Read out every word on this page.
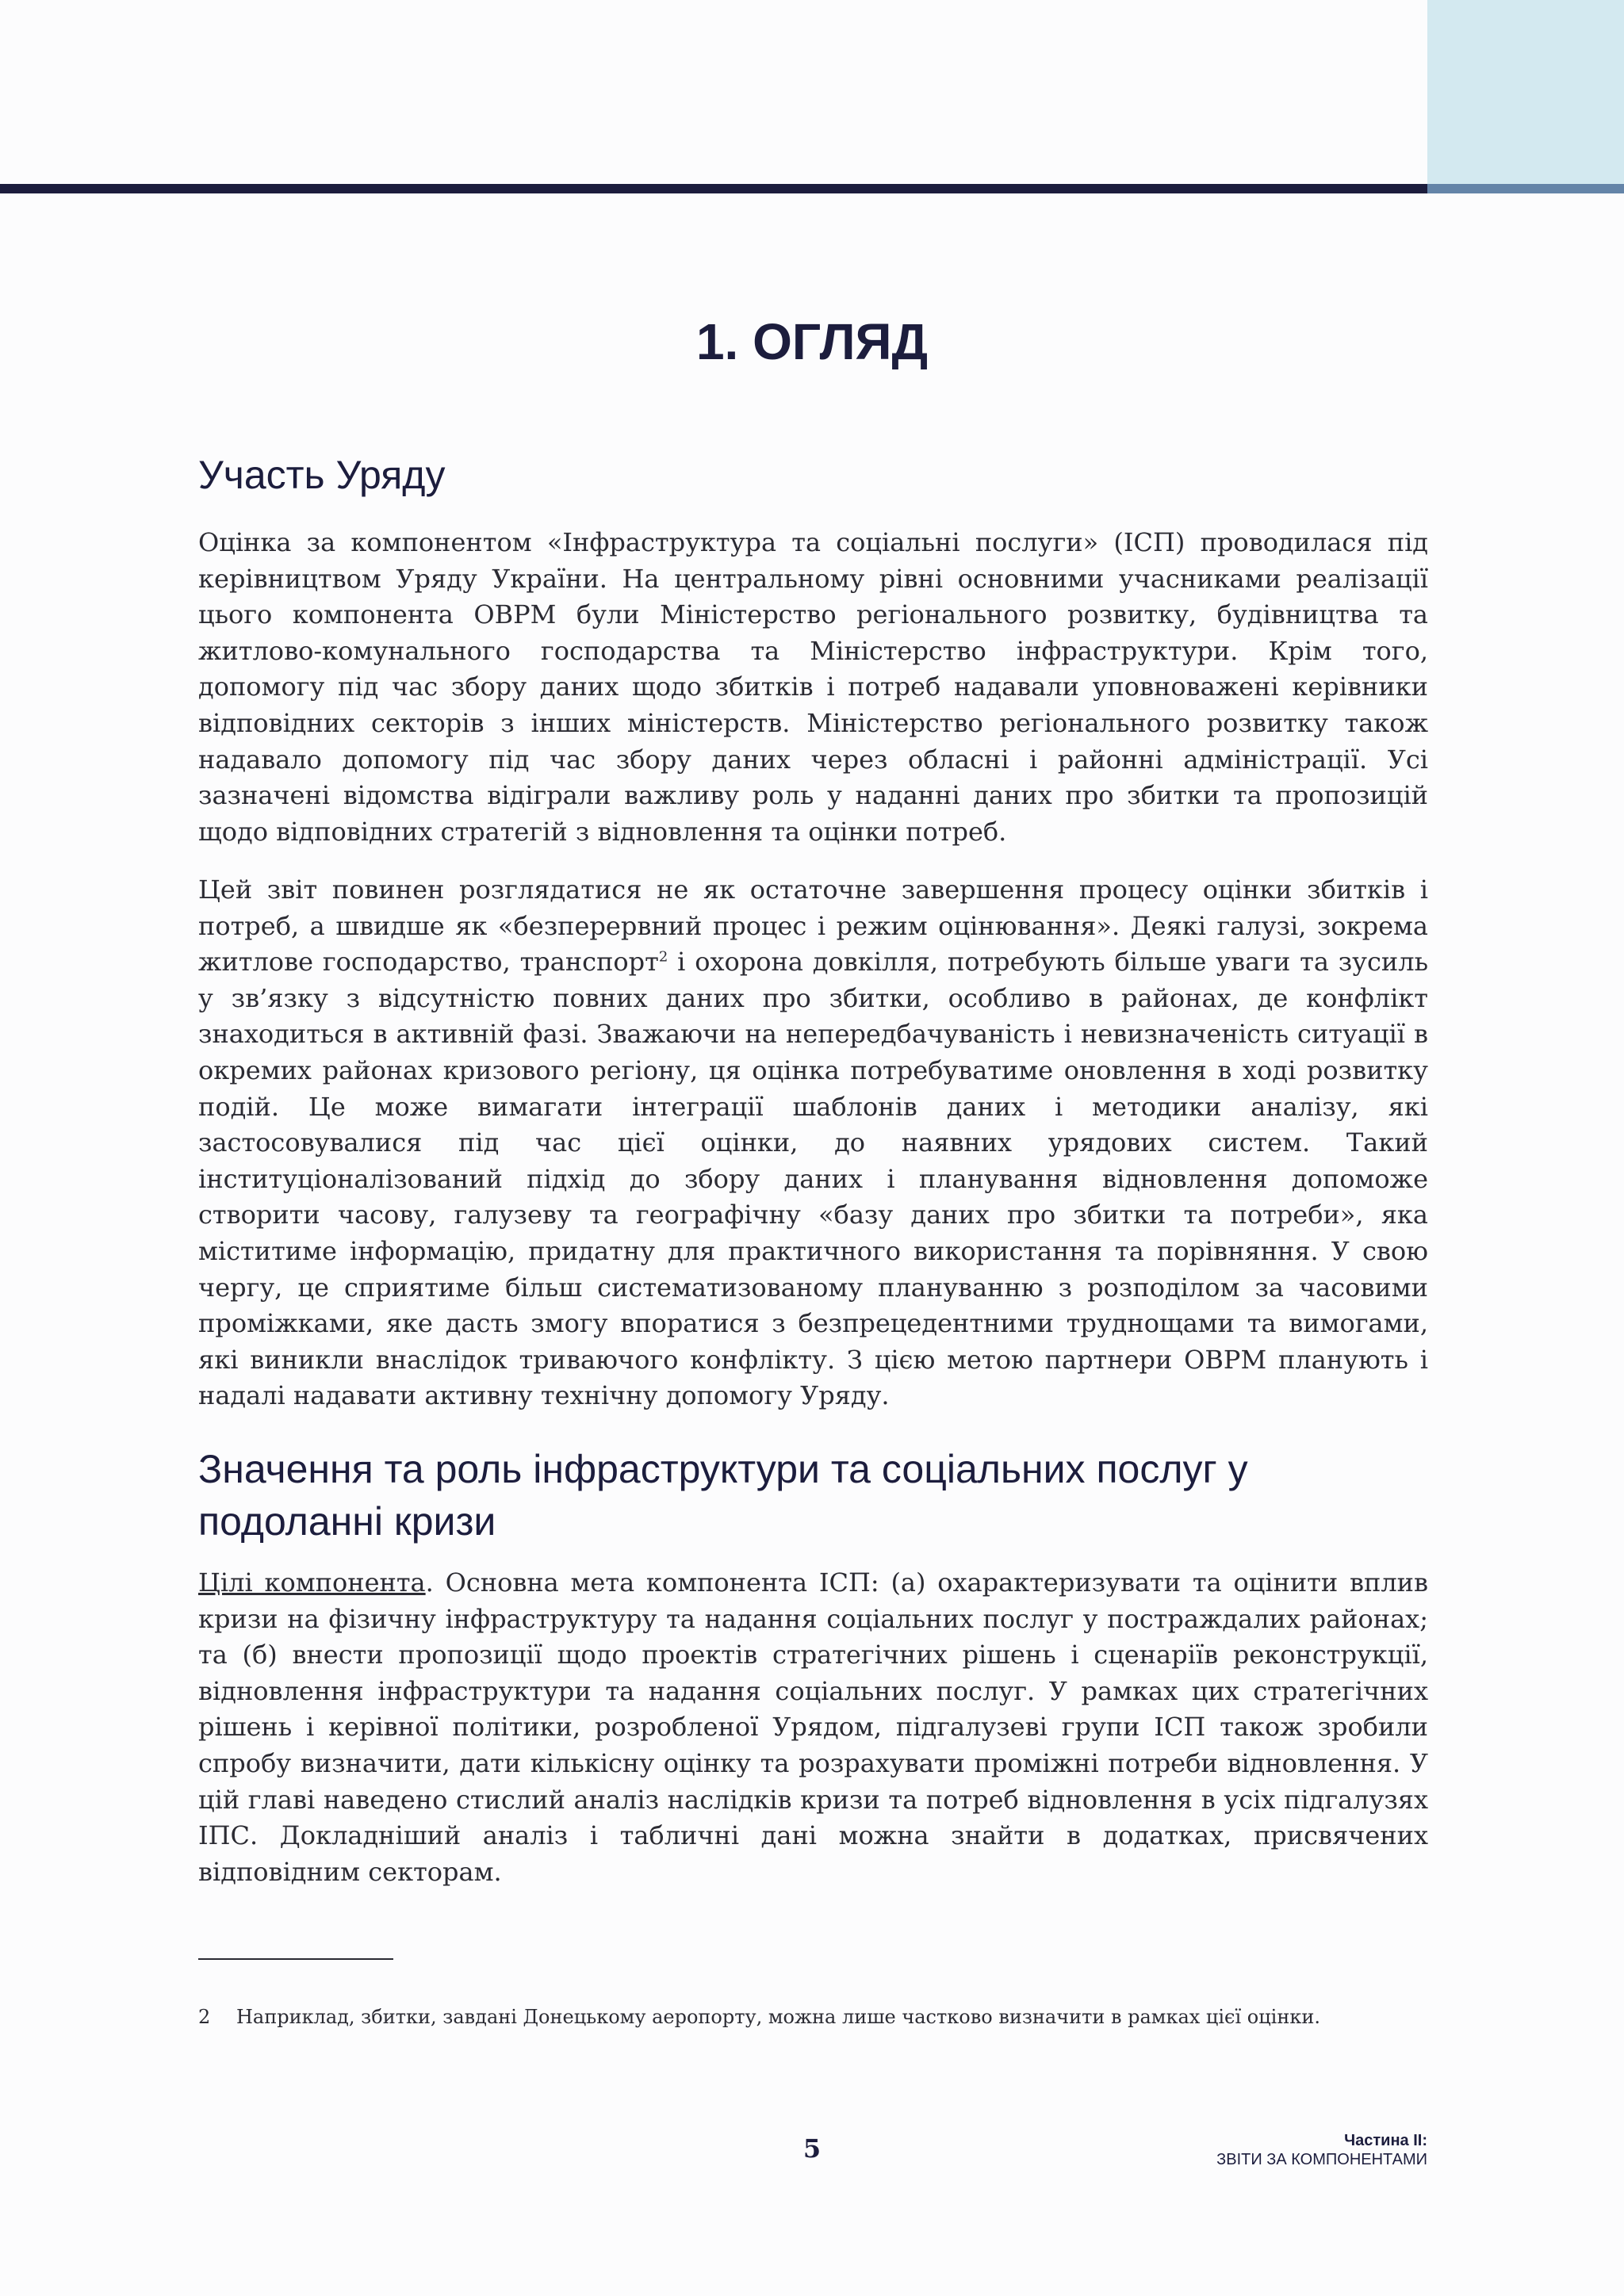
1. ОГЛЯД
Участь Уряду

Оцінка за компонентом «Інфраструктура та соціальні послуги» (ІСП) проводилася під керівництвом Уряду України. На центральному рівні основними учасниками реалізації цього компонента ОВРМ були Міністерство регіонального розвитку, будівництва та житлово-комунального господарства та Міністерство інфраструктури. Крім того, допомогу під час збору даних щодо збитків і потреб надавали уповноважені керівники відповідних секторів з інших міністерств. Міністерство регіонального розвитку також надавало допомогу під час збору даних через обласні і районні адміністрації. Усі зазначені відомства відіграли важливу роль у наданні даних про збитки та пропозицій щодо відповідних стратегій з відновлення та оцінки потреб.

Цей звіт повинен розглядатися не як остаточне завершення процесу оцінки збитків і потреб, а швидше як «безперервний процес і режим оцінювання». Деякі галузі, зокрема житлове господарство, транспорт$^2$ і охорона довкілля, потребують більше уваги та зусиль у зв’язку з відсутністю повних даних про збитки, особливо в районах, де конфлікт знаходиться в активній фазі. Зважаючи на непередбачуваність і невизначеність ситуації в окремих районах кризового регіону, ця оцінка потребуватиме оновлення в ході розвитку подій. Це може вимагати інтеграції шаблонів даних і методики аналізу, які застосовувалися під час цієї оцінки, до наявних урядових систем. Такий інституціоналізований підхід до збору даних і планування відновлення допоможе створити часову, галузеву та географічну «базу даних про збитки та потреби», яка міститиме інформацію, придатну для практичного використання та порівняння. У свою чергу, це сприятиме більш систематизованому плануванню з розподілом за часовими проміжками, яке дасть змогу впоратися з безпрецедентними труднощами та вимогами, які виникли внаслідок триваючого конфлікту. З цією метою партнери ОВРМ планують і надалі надавати активну технічну допомогу Уряду.

Значення та роль інфраструктури та соціальних послуг у подоланні кризи

Цілі компонента. Основна мета компонента ІСП: (а) охарактеризувати та оцінити вплив кризи на фізичну інфраструктуру та надання соціальних послуг у постраждалих районах; та (б) внести пропозиції щодо проектів стратегічних рішень і сценаріїв реконструкції, відновлення інфраструктури та надання соціальних послуг. У рамках цих стратегічних рішень і керівної політики, розробленої Урядом, підгалузеві групи ІСП також зробили спробу визначити, дати кількісну оцінку та розрахувати проміжні потреби відновлення. У цій главі наведено стислий аналіз наслідків кризи та потреб відновлення в усіх підгалузях ІПС. Докладніший аналіз і табличні дані можна знайти в додатках, присвячених відповідним секторам.

2 Наприклад, збитки, завдані Донецькому аеропорту, можна лише частково визначити в рамках цієї оцінки.

5	Частина II:
ЗВІТИ ЗА КОМПОНЕНТАМИ
